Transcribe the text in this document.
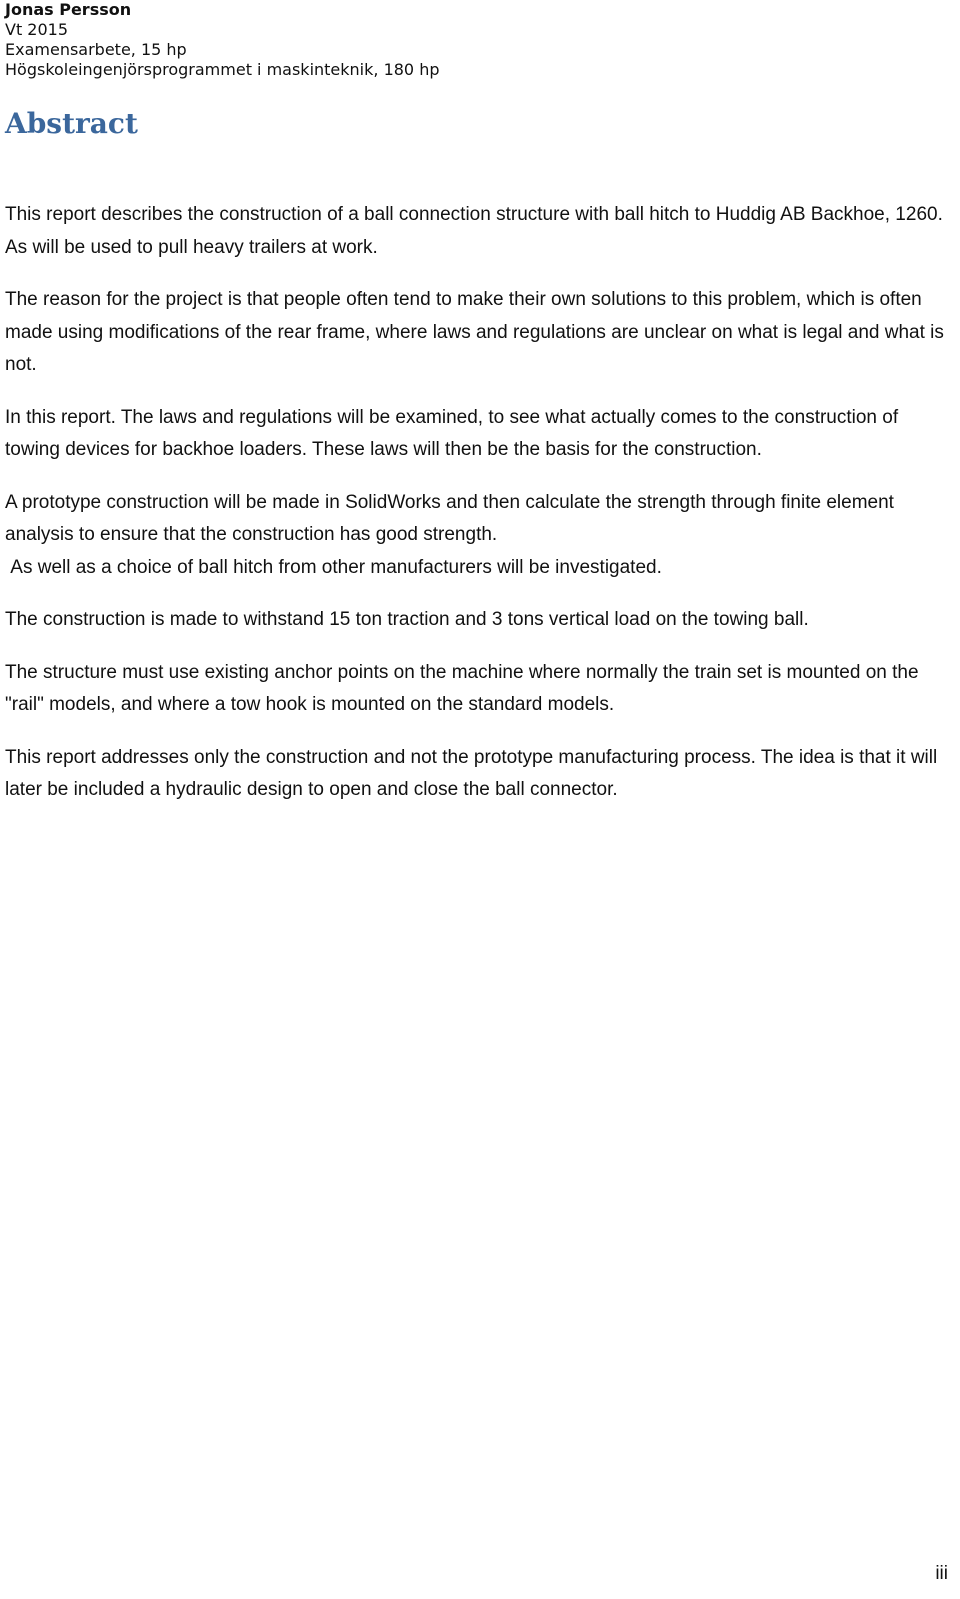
Jonas Persson
Vt 2015
Examensarbete, 15 hp
Högskoleingenjörsprogrammet i maskinteknik, 180 hp
Abstract

This report describes the construction of a ball connection structure with ball hitch to Huddig AB Backhoe, 1260. As will be used to pull heavy trailers at work.

The reason for the project is that people often tend to make their own solutions to this problem, which is often made using modifications of the rear frame, where laws and regulations are unclear on what is legal and what is not.

In this report. The laws and regulations will be examined, to see what actually comes to the construction of towing devices for backhoe loaders. These laws will then be the basis for the construction.

A prototype construction will be made in SolidWorks and then calculate the strength through finite element analysis to ensure that the construction has good strength.

As well as a choice of ball hitch from other manufacturers will be investigated.

The construction is made to withstand 15 ton traction and 3 tons vertical load on the towing ball.

The structure must use existing anchor points on the machine where normally the train set is mounted on the "rail" models, and where a tow hook is mounted on the standard models.

This report addresses only the construction and not the prototype manufacturing process. The idea is that it will later be included a hydraulic design to open and close the ball connector.

iii
